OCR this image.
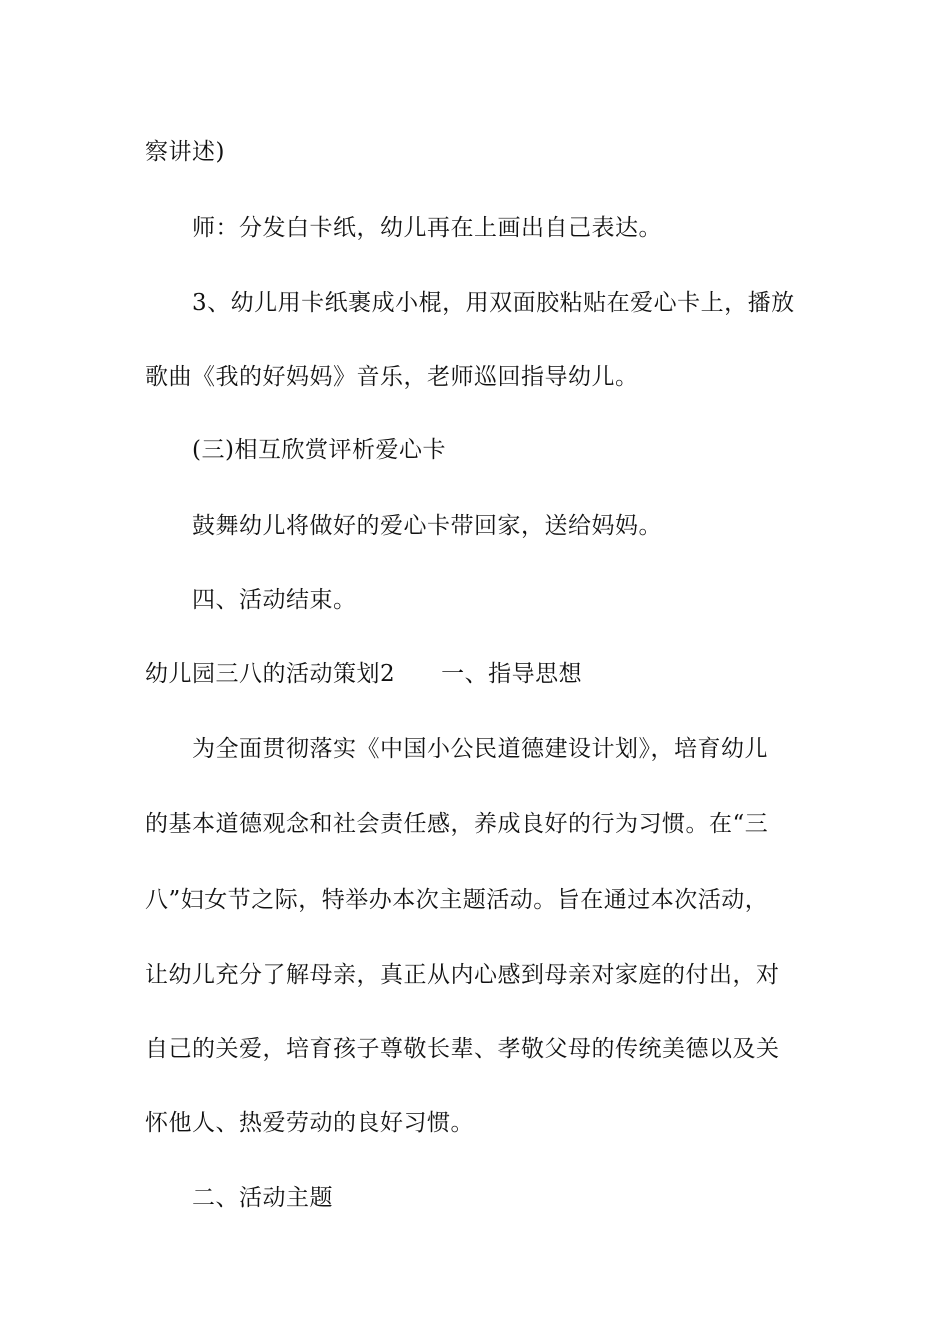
察讲述)
师：分发白卡纸，幼儿再在上画出自己表达。
3、幼儿用卡纸裹成小棍，用双面胶粘贴在爱心卡上，播放
歌曲《我的好妈妈》音乐，老师巡回指导幼儿。
(三)相互欣赏评析爱心卡
鼓舞幼儿将做好的爱心卡带回家，送给妈妈。
四、活动结束。
幼儿园三八的活动策划2 一、指导思想
为全面贯彻落实《中国小公民道德建设计划》，培育幼儿
的基本道德观念和社会责任感，养成良好的行为习惯。在“三
八”妇女节之际，特举办本次主题活动。旨在通过本次活动，
让幼儿充分了解母亲，真正从内心感到母亲对家庭的付出，对
自己的关爱，培育孩子尊敬长辈、孝敬父母的传统美德以及关
怀他人、热爱劳动的良好习惯。
二、活动主题
